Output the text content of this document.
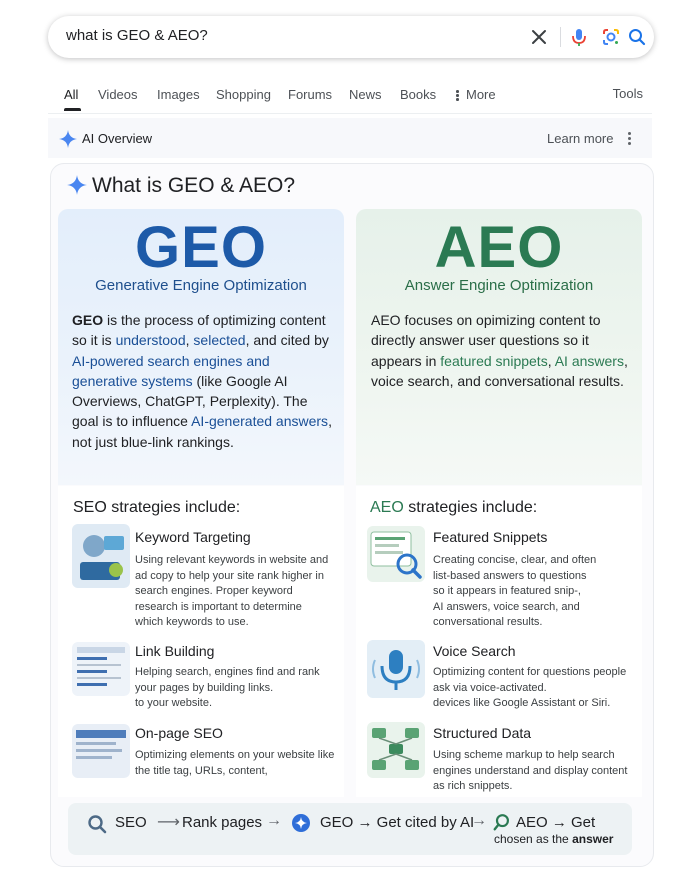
what is GEO & AEO?
All Videos Images Shopping Forums News Books	More	Tools
AI Overview	Learn more
What is GEO & AEO?
GEO
Generative Engine Optimization
GEO is the process of optimizing content so it is understood, selected, and cited by AI-powered search engines and generative systems (like Google AI Overviews, ChatGPT, Perplexity). The goal is to influence AI-generated answers, not just blue-link rankings.
AEO
Answer Engine Optimization
AEO focuses on opimizing content to directly answer user questions so it appears in featured snippets, AI answers, voice search, and conversational results.
SEO strategies include:	AEO strategies include:
Keyword Targeting
Using relevant keywords in website and
ad copy to help your site rank higher in
search engines. Proper keyword
research is important to determine
which keywords to use.
Link Building
Helping search, engines find and rank
your pages by building links.
to your website.
On-page SEO
Optimizing elements on your website like
the title tag, URLs, content,
Featured Snippets
Creating concise, clear, and often
list-based answers to questions
so it appears in featured snip-,
AI answers, voice search, and
conversational results.
Voice Search
Optimizing content for questions people
ask via voice-activated.
devices like Google Assistant or Siri.
Structured Data
Using scheme markup to help search
engines understand and display content
as rich snippets.
SEO ⟶ Rank pages →	GEO → Get cited by AI
→ AEO → Get
chosen as the answer
